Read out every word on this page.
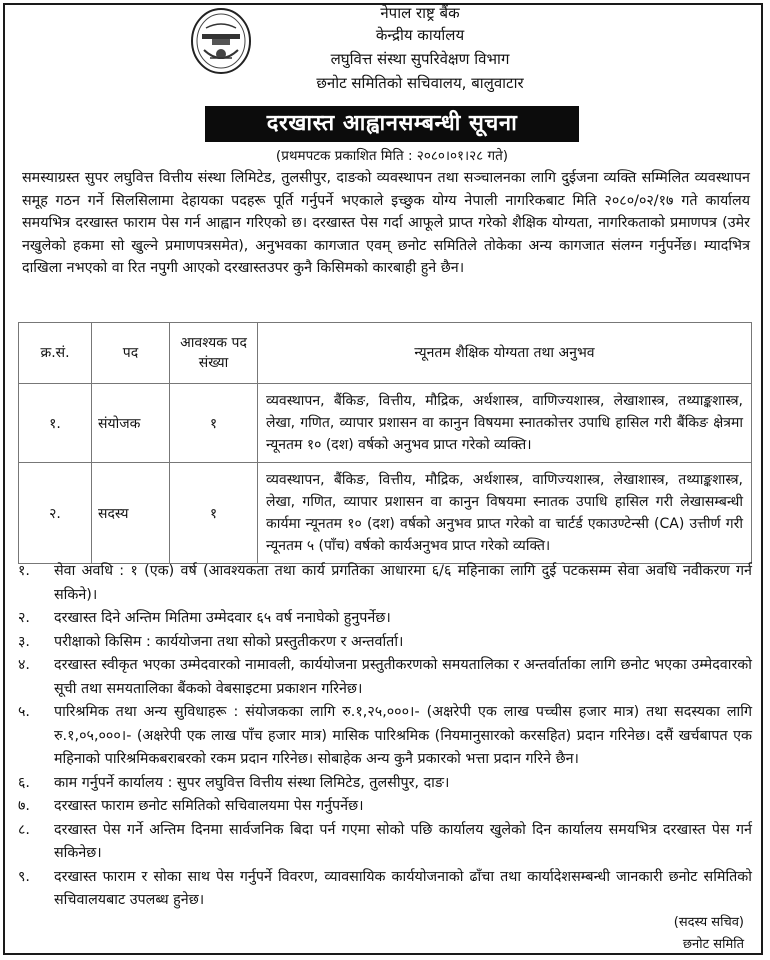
नेपाल राष्ट्र बैंक
केन्द्रीय कार्यालय
लघुवित्त संस्था सुपरिवेक्षण विभाग
छनोट समितिको सचिवालय, बालुवाटार
दरखास्त आह्वानसम्बन्धी सूचना
(प्रथमपटक प्रकाशित मिति : २०८०।०१।२८ गते)
समस्याग्रस्त सुपर लघुवित्त वित्तीय संस्था लिमिटेड, तुलसीपुर, दाङको व्यवस्थापन तथा सञ्चालनका लागि दुईजना व्यक्ति सम्मिलित व्यवस्थापन समूह गठन गर्ने सिलसिलामा देहायका पदहरू पूर्ति गर्नुपर्ने भएकाले इच्छुक योग्य नेपाली नागरिकबाट मिति २०८०/०२/१७ गते कार्यालय समयभित्र दरखास्त फाराम पेस गर्न आह्वान गरिएको छ। दरखास्त पेस गर्दा आफूले प्राप्त गरेको शैक्षिक योग्यता, नागरिकताको प्रमाणपत्र (उमेर नखुलेको हकमा सो खुल्ने प्रमाणपत्रसमेत), अनुभवका कागजात एवम् छनोट समितिले तोकेका अन्य कागजात संलग्न गर्नुपर्नेछ। म्यादभित्र दाखिला नभएको वा रित नपुगी आएको दरखास्तउपर कुनै किसिमको कारबाही हुने छैन।
क्र.सं.	पद	आवश्यक पद संख्या	न्यूनतम शैक्षिक योग्यता तथा अनुभव
१.	संयोजक	१	व्यवस्थापन, बैंकिङ, वित्तीय, मौद्रिक, अर्थशास्त्र, वाणिज्यशास्त्र, लेखाशास्त्र, तथ्याङ्कशास्त्र, लेखा, गणित, व्यापार प्रशासन वा कानुन विषयमा स्नातकोत्तर उपाधि हासिल गरी बैंकिङ क्षेत्रमा न्यूनतम १० (दश) वर्षको अनुभव प्राप्त गरेको व्यक्ति।
२.	सदस्य	१	व्यवस्थापन, बैंकिङ, वित्तीय, मौद्रिक, अर्थशास्त्र, वाणिज्यशास्त्र, लेखाशास्त्र, तथ्याङ्कशास्त्र, लेखा, गणित, व्यापार प्रशासन वा कानुन विषयमा स्नातक उपाधि हासिल गरी लेखासम्बन्धी कार्यमा न्यूनतम १० (दश) वर्षको अनुभव प्राप्त गरेको वा चार्टर्ड एकाउण्टेन्सी (CA) उत्तीर्ण गरी न्यूनतम ५ (पाँच) वर्षको कार्यअनुभव प्राप्त गरेको व्यक्ति।
१.	सेवा अवधि : १ (एक) वर्ष (आवश्यकता तथा कार्य प्रगतिका आधारमा ६/६ महिनाका लागि दुई पटकसम्म सेवा अवधि नवीकरण गर्न सकिने)।
२.	दरखास्त दिने अन्तिम मितिमा उम्मेदवार ६५ वर्ष ननाघेको हुनुपर्नेछ।
३.	परीक्षाको किसिम : कार्ययोजना तथा सोको प्रस्तुतीकरण र अन्तर्वार्ता।
४.	दरखास्त स्वीकृत भएका उम्मेदवारको नामावली, कार्ययोजना प्रस्तुतीकरणको समयतालिका र अन्तर्वार्ताका लागि छनोट भएका उम्मेदवारको सूची तथा समयतालिका बैंकको वेबसाइटमा प्रकाशन गरिनेछ।
५.	पारिश्रमिक तथा अन्य सुविधाहरू : संयोजकका लागि रु.१,२५,०००।- (अक्षरेपी एक लाख पच्चीस हजार मात्र) तथा सदस्यका लागि रु.१,०५,०००।- (अक्षरेपी एक लाख पाँच हजार मात्र) मासिक पारिश्रमिक (नियमानुसारको करसहित) प्रदान गरिनेछ। दसैं खर्चबापत एक महिनाको पारिश्रमिकबराबरको रकम प्रदान गरिनेछ। सोबाहेक अन्य कुनै प्रकारको भत्ता प्रदान गरिने छैन।
६.	काम गर्नुपर्ने कार्यालय : सुपर लघुवित्त वित्तीय संस्था लिमिटेड, तुलसीपुर, दाङ।
७.	दरखास्त फाराम छनोट समितिको सचिवालयमा पेस गर्नुपर्नेछ।
८.	दरखास्त पेस गर्ने अन्तिम दिनमा सार्वजनिक बिदा पर्न गएमा सोको पछि कार्यालय खुलेको दिन कार्यालय समयभित्र दरखास्त पेस गर्न सकिनेछ।
९.	दरखास्त फाराम र सोका साथ पेस गर्नुपर्ने विवरण, व्यावसायिक कार्ययोजनाको ढाँचा तथा कार्यादेशसम्बन्धी जानकारी छनोट समितिको सचिवालयबाट उपलब्ध हुनेछ।
(सदस्य सचिव)
छनोट समिति
